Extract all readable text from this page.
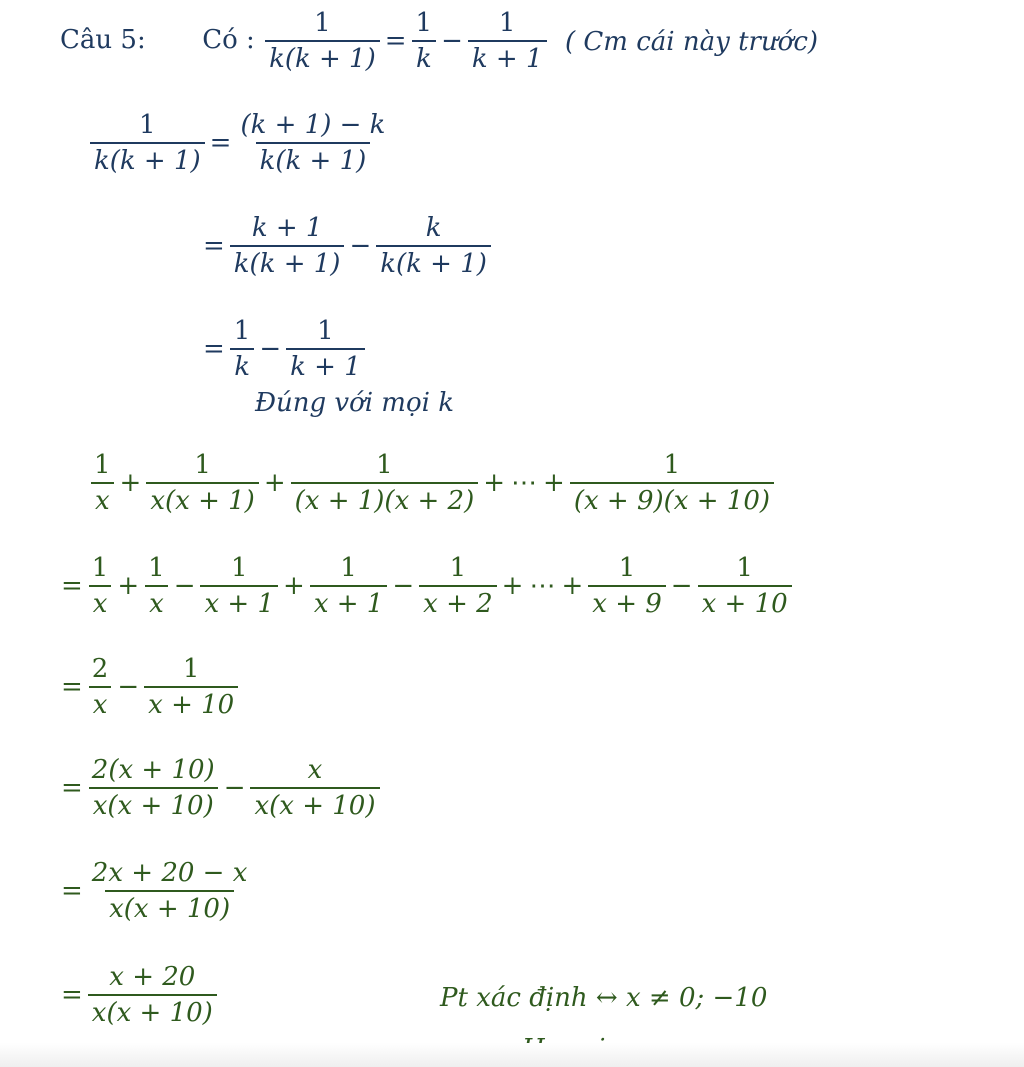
Câu 5: Có : $\frac{1}{k(k + 1)} = \frac{1}{k} - \frac{1}{k + 1}$ ( Cm cái này trước)
$\frac{1}{k(k + 1)} = \frac{(k + 1) - k}{k(k + 1)}$
= $\frac{k + 1}{k(k + 1)} - \frac{k}{k(k + 1)}$
= $\frac{1}{k} - \frac{1}{k + 1}$
Đúng với mọi k
$\frac{1}{x} + \frac{1}{x(x + 1)} + \frac{1}{(x + 1)(x + 2)}$ + ⋯ + $\frac{1}{(x + 9)(x + 10)}$
= $\frac{1}{x} + \frac{1}{x} - \frac{1}{x + 1} + \frac{1}{x + 1} - \frac{1}{x + 2}$ + ⋯ + $\frac{1}{x + 9} - \frac{1}{x + 10}$
= $\frac{2}{x} - \frac{1}{x + 10}$
= $\frac{2(x + 10)}{x(x + 10)} - \frac{x}{x(x + 10)}$
= $\frac{2x + 20 - x}{x(x + 10)}$
= $\frac{x + 20}{x(x + 10)}$	Pt xác định ↔ x ≠ 0; −10
